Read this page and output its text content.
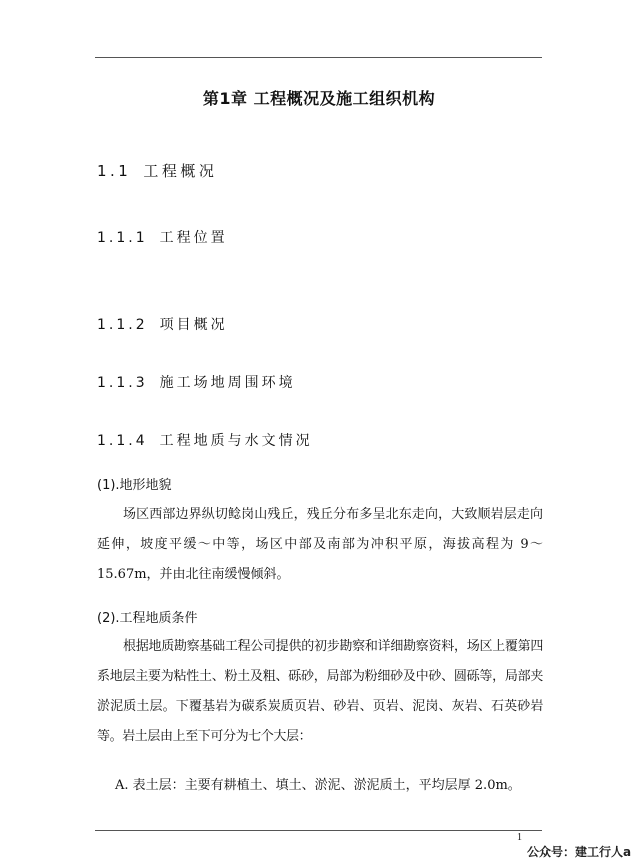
第1章 工程概况及施工组织机构
1.1 工程概况
1.1.1 工程位置
1.1.2 项目概况
1.1.3 施工场地周围环境
1.1.4 工程地质与水文情况
(1).地形地貌
场区西部边界纵切鲶岗山残丘，残丘分布多呈北东走向，大致顺岩层走向延伸，坡度平缓～中等，场区中部及南部为冲积平原，海拔高程为 9～15.67m，并由北往南缓慢倾斜。
(2).工程地质条件
根据地质勘察基础工程公司提供的初步勘察和详细勘察资料，场区上覆第四系地层主要为粘性土、粉土及粗、砾砂，局部为粉细砂及中砂、圆砾等，局部夹淤泥质土层。下覆基岩为碳系炭质页岩、砂岩、页岩、泥岗、灰岩、石英砂岩等。岩土层由上至下可分为七个大层：
A. 表土层：主要有耕植土、填土、淤泥、淤泥质土，平均层厚 2.0m。
1
公众号：建工行人a
